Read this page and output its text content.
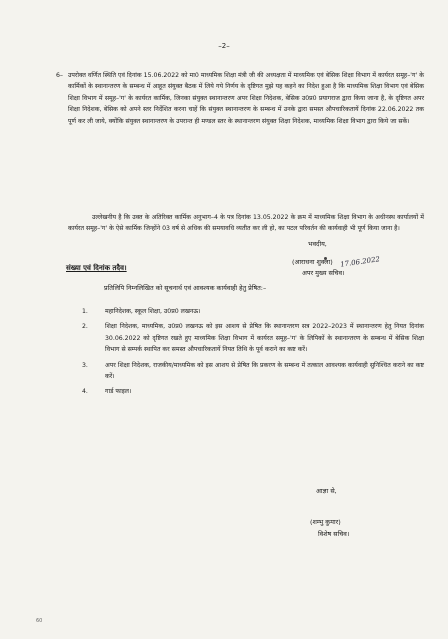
–2–

6– उपरोक्त वर्णित स्थिति एवं दिनांक 15.06.2022 को मा0 माध्यमिक शिक्षा मंत्री जी की अध्यक्षता में माध्यमिक एवं बेसिक शिक्षा विभाग में कार्यरत समूह–'ग' के कार्मिकों के स्थानान्तरण के सम्बन्ध में आहूत संयुक्त बैठक में लिये गये निर्णय के दृष्टिगत मुझे यह कहने का निदेश हुआ है कि माध्यमिक शिक्षा विभाग एवं बेसिक शिक्षा विभाग में समूह–'ग' के कार्यरत कार्मिक, जिनका संयुक्त स्थानान्तरण अपर शिक्षा निदेशक, बेसिक उ0प्र0 प्रयागराज द्वारा किया जाना है, के दृष्टिगत अपर शिक्षा निदेशक, बेसिक को अपने स्तर निर्देशित करना चाहें कि संयुक्त स्थानान्तरण के सम्बन्ध में उनके द्वारा समस्त औपचारिकतायें दिनांक 22.06.2022 तक पूर्ण कर ली जाये, क्योंकि संयुक्त स्थानान्तरण के उपरान्त ही मण्डल स्तर के स्थानान्तरण संयुक्त शिक्षा निदेशक, माध्यमिक शिक्षा विभाग द्वारा किये जा सकें।

उल्लेखनीय है कि उक्त के अतिरिक्त कार्मिक अनुभाग–4 के पत्र दिनांक 13.05.2022 के क्रम में माध्यमिक शिक्षा विभाग के अधीनस्थ कार्यालयों में कार्यरत समूह–'ग' के ऐसे कार्मिक जिन्होंने 03 वर्ष से अधिक की समयावधि व्यतीत कर ली हो, का पटल परिवर्तन की कार्यवाही भी पूर्ण किया जाना है।

भवदीय,
17.06.2022
(आराधना शुक्ला)
अपर मुख्य सचिव।
संख्या एवं दिनांक तदैव।
प्रतिलिपि निम्नलिखित को सूचनार्थ एवं आवश्यक कार्यवाही हेतु प्रेषित:–
1.	महानिदेशक, स्कूल शिक्षा, उ0प्र0 लखनऊ।
2.	शिक्षा निदेशक, माध्यमिक, उ0प्र0 लखनऊ को इस आशय से प्रेषित कि स्थानान्तरण सत्र 2022–2023 में स्थानान्तरण हेतु नियत दिनांक 30.06.2022 को दृष्टिगत रखते हुए माध्यमिक शिक्षा विभाग में कार्यरत समूह–'ग' के लिपिकों के स्थानान्तरण के सम्बन्ध में बेसिक शिक्षा विभाग से सम्पर्क स्थापित कर समस्त औपचारिकतायें नियत तिथि के पूर्व कराने का कष्ट करें।
3.	अपर शिक्षा निदेशक, राजकीय/माध्यमिक को इस आशय से प्रेषित कि प्रकरण के सम्बन्ध में तत्काल आवश्यक कार्यवाही सुनिश्चित कराने का कष्ट करें।
4.	गार्ड फाइल।
आज्ञा से,
(शम्भु कुमार)
विशेष सचिव।
60
